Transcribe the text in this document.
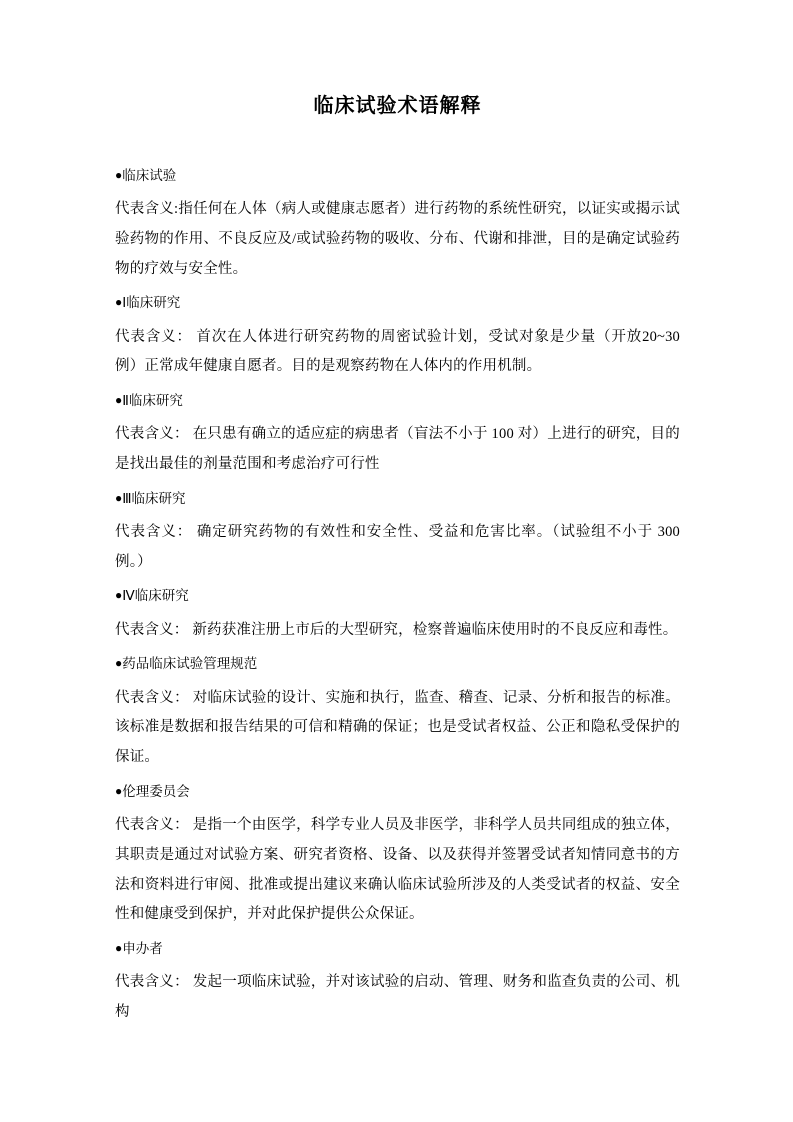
临床试验术语解释

●临床试验

代表含义:指任何在人体（病人或健康志愿者）进行药物的系统性研究，以证实或揭示试验药物的作用、不良反应及/或试验药物的吸收、分布、代谢和排泄，目的是确定试验药物的疗效与安全性。

●Ⅰ临床研究

代表含义： 首次在人体进行研究药物的周密试验计划，受试对象是少量（开放20~30 例）正常成年健康自愿者。目的是观察药物在人体内的作用机制。

●Ⅱ临床研究

代表含义： 在只患有确立的适应症的病患者（盲法不小于 100 对）上进行的研究，目的是找出最佳的剂量范围和考虑治疗可行性

●Ⅲ临床研究

代表含义： 确定研究药物的有效性和安全性、受益和危害比率。（试验组不小于 300 例。）

●Ⅳ临床研究

代表含义： 新药获准注册上市后的大型研究，检察普遍临床使用时的不良反应和毒性。

●药品临床试验管理规范

代表含义： 对临床试验的设计、实施和执行，监查、稽查、记录、分析和报告的标准。该标准是数据和报告结果的可信和精确的保证；也是受试者权益、公正和隐私受保护的保证。

●伦理委员会

代表含义： 是指一个由医学，科学专业人员及非医学，非科学人员共同组成的独立体，其职责是通过对试验方案、研究者资格、设备、以及获得并签署受试者知情同意书的方法和资料进行审阅、批准或提出建议来确认临床试验所涉及的人类受试者的权益、安全性和健康受到保护，并对此保护提供公众保证。

●申办者

代表含义： 发起一项临床试验，并对该试验的启动、管理、财务和监查负责的公司、机构
